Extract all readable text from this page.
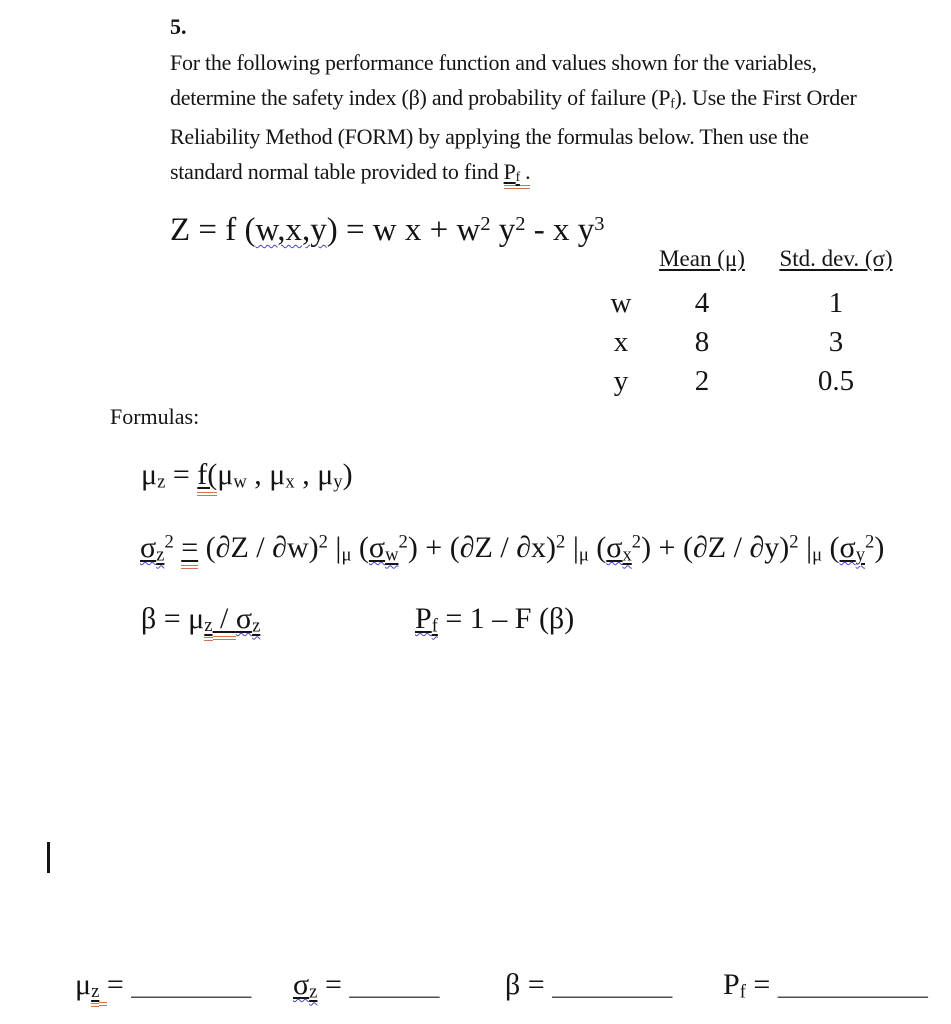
5.
For the following performance function and values shown for the variables,
determine the safety index (β) and probability of failure (Pf). Use the First Order
Reliability Method (FORM) by applying the formulas below. Then use the
standard normal table provided to find Pf .
Z = f (w,x,y) = w $x + w^2$ $y^2$ - x $y^3$
Mean (μ)	Std. dev. (σ)
w	4	1
x	8	3
y	2	0.5
Formulas:
μz = f(μw , μx , μy)
$\sigma z^2 = (\partial Z / \partial w)^2$ |μ $(\sigma w^2) + (\partial Z / \partial x)^2$ |μ $(\sigma x^2) + (\partial Z / \partial y)^2$ |μ $(\sigma y^2)$
β = μz / σz	Pf = 1 – F (β)
μz = ________ σz = ______ β = ________ Pf = __________
